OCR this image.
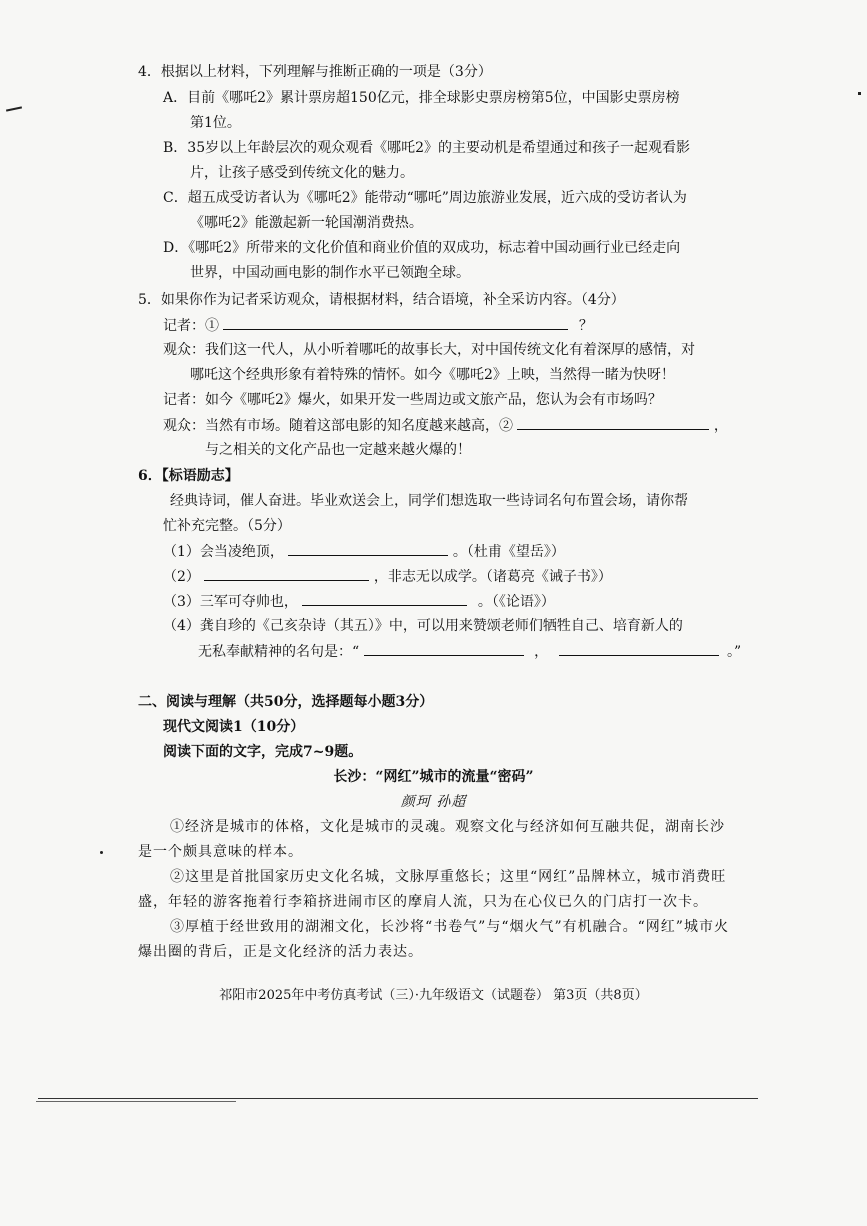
4．根据以上材料，下列理解与推断正确的一项是（3分）
A．目前《哪吒2》累计票房超150亿元，排全球影史票房榜第5位，中国影史票房榜
第1位。
B．35岁以上年龄层次的观众观看《哪吒2》的主要动机是希望通过和孩子一起观看影
片，让孩子感受到传统文化的魅力。
C．超五成受访者认为《哪吒2》能带动“哪吒”周边旅游业发展，近六成的受访者认为
《哪吒2》能激起新一轮国潮消费热。
D．《哪吒2》所带来的文化价值和商业价值的双成功，标志着中国动画行业已经走向
世界，中国动画电影的制作水平已领跑全球。
5．如果你作为记者采访观众，请根据材料，结合语境，补全采访内容。（4分）
记者：①	？
观众：我们这一代人，从小听着哪吒的故事长大，对中国传统文化有着深厚的感情，对
哪吒这个经典形象有着特殊的情怀。如今《哪吒2》上映，当然得一睹为快呀！
记者：如今《哪吒2》爆火，如果开发一些周边或文旅产品，您认为会有市场吗？
观众：当然有市场。随着这部电影的知名度越来越高，②	，
与之相关的文化产品也一定越来越火爆的！
6．【标语励志】
经典诗词，催人奋进。毕业欢送会上，同学们想选取一些诗词名句布置会场，请你帮
忙补充完整。（5分）
（1）会当凌绝顶，	。（杜甫《望岳》）
（2）	，非志无以成学。（诸葛亮《诫子书》）
（3）三军可夺帅也，	。（《论语》）
（4）龚自珍的《己亥杂诗（其五）》中，可以用来赞颂老师们牺牲自己、培育新人的
无私奉献精神的名句是：“	，	。”
二、阅读与理解（共50分，选择题每小题3分）
现代文阅读1（10分）
阅读下面的文字，完成7~9题。
长沙：“网红”城市的流量“密码”
颜珂 孙超
①经济是城市的体格，文化是城市的灵魂。观察文化与经济如何互融共促，湖南长沙
是一个颇具意味的样本。
②这里是首批国家历史文化名城，文脉厚重悠长；这里“网红”品牌林立，城市消费旺
盛，年轻的游客拖着行李箱挤进闹市区的摩肩人流，只为在心仪已久的门店打一次卡。
③厚植于经世致用的湖湘文化，长沙将“书卷气”与“烟火气”有机融合。“网红”城市火
爆出圈的背后，正是文化经济的活力表达。
祁阳市2025年中考仿真考试（三）·九年级语文（试题卷） 第3页（共8页）
